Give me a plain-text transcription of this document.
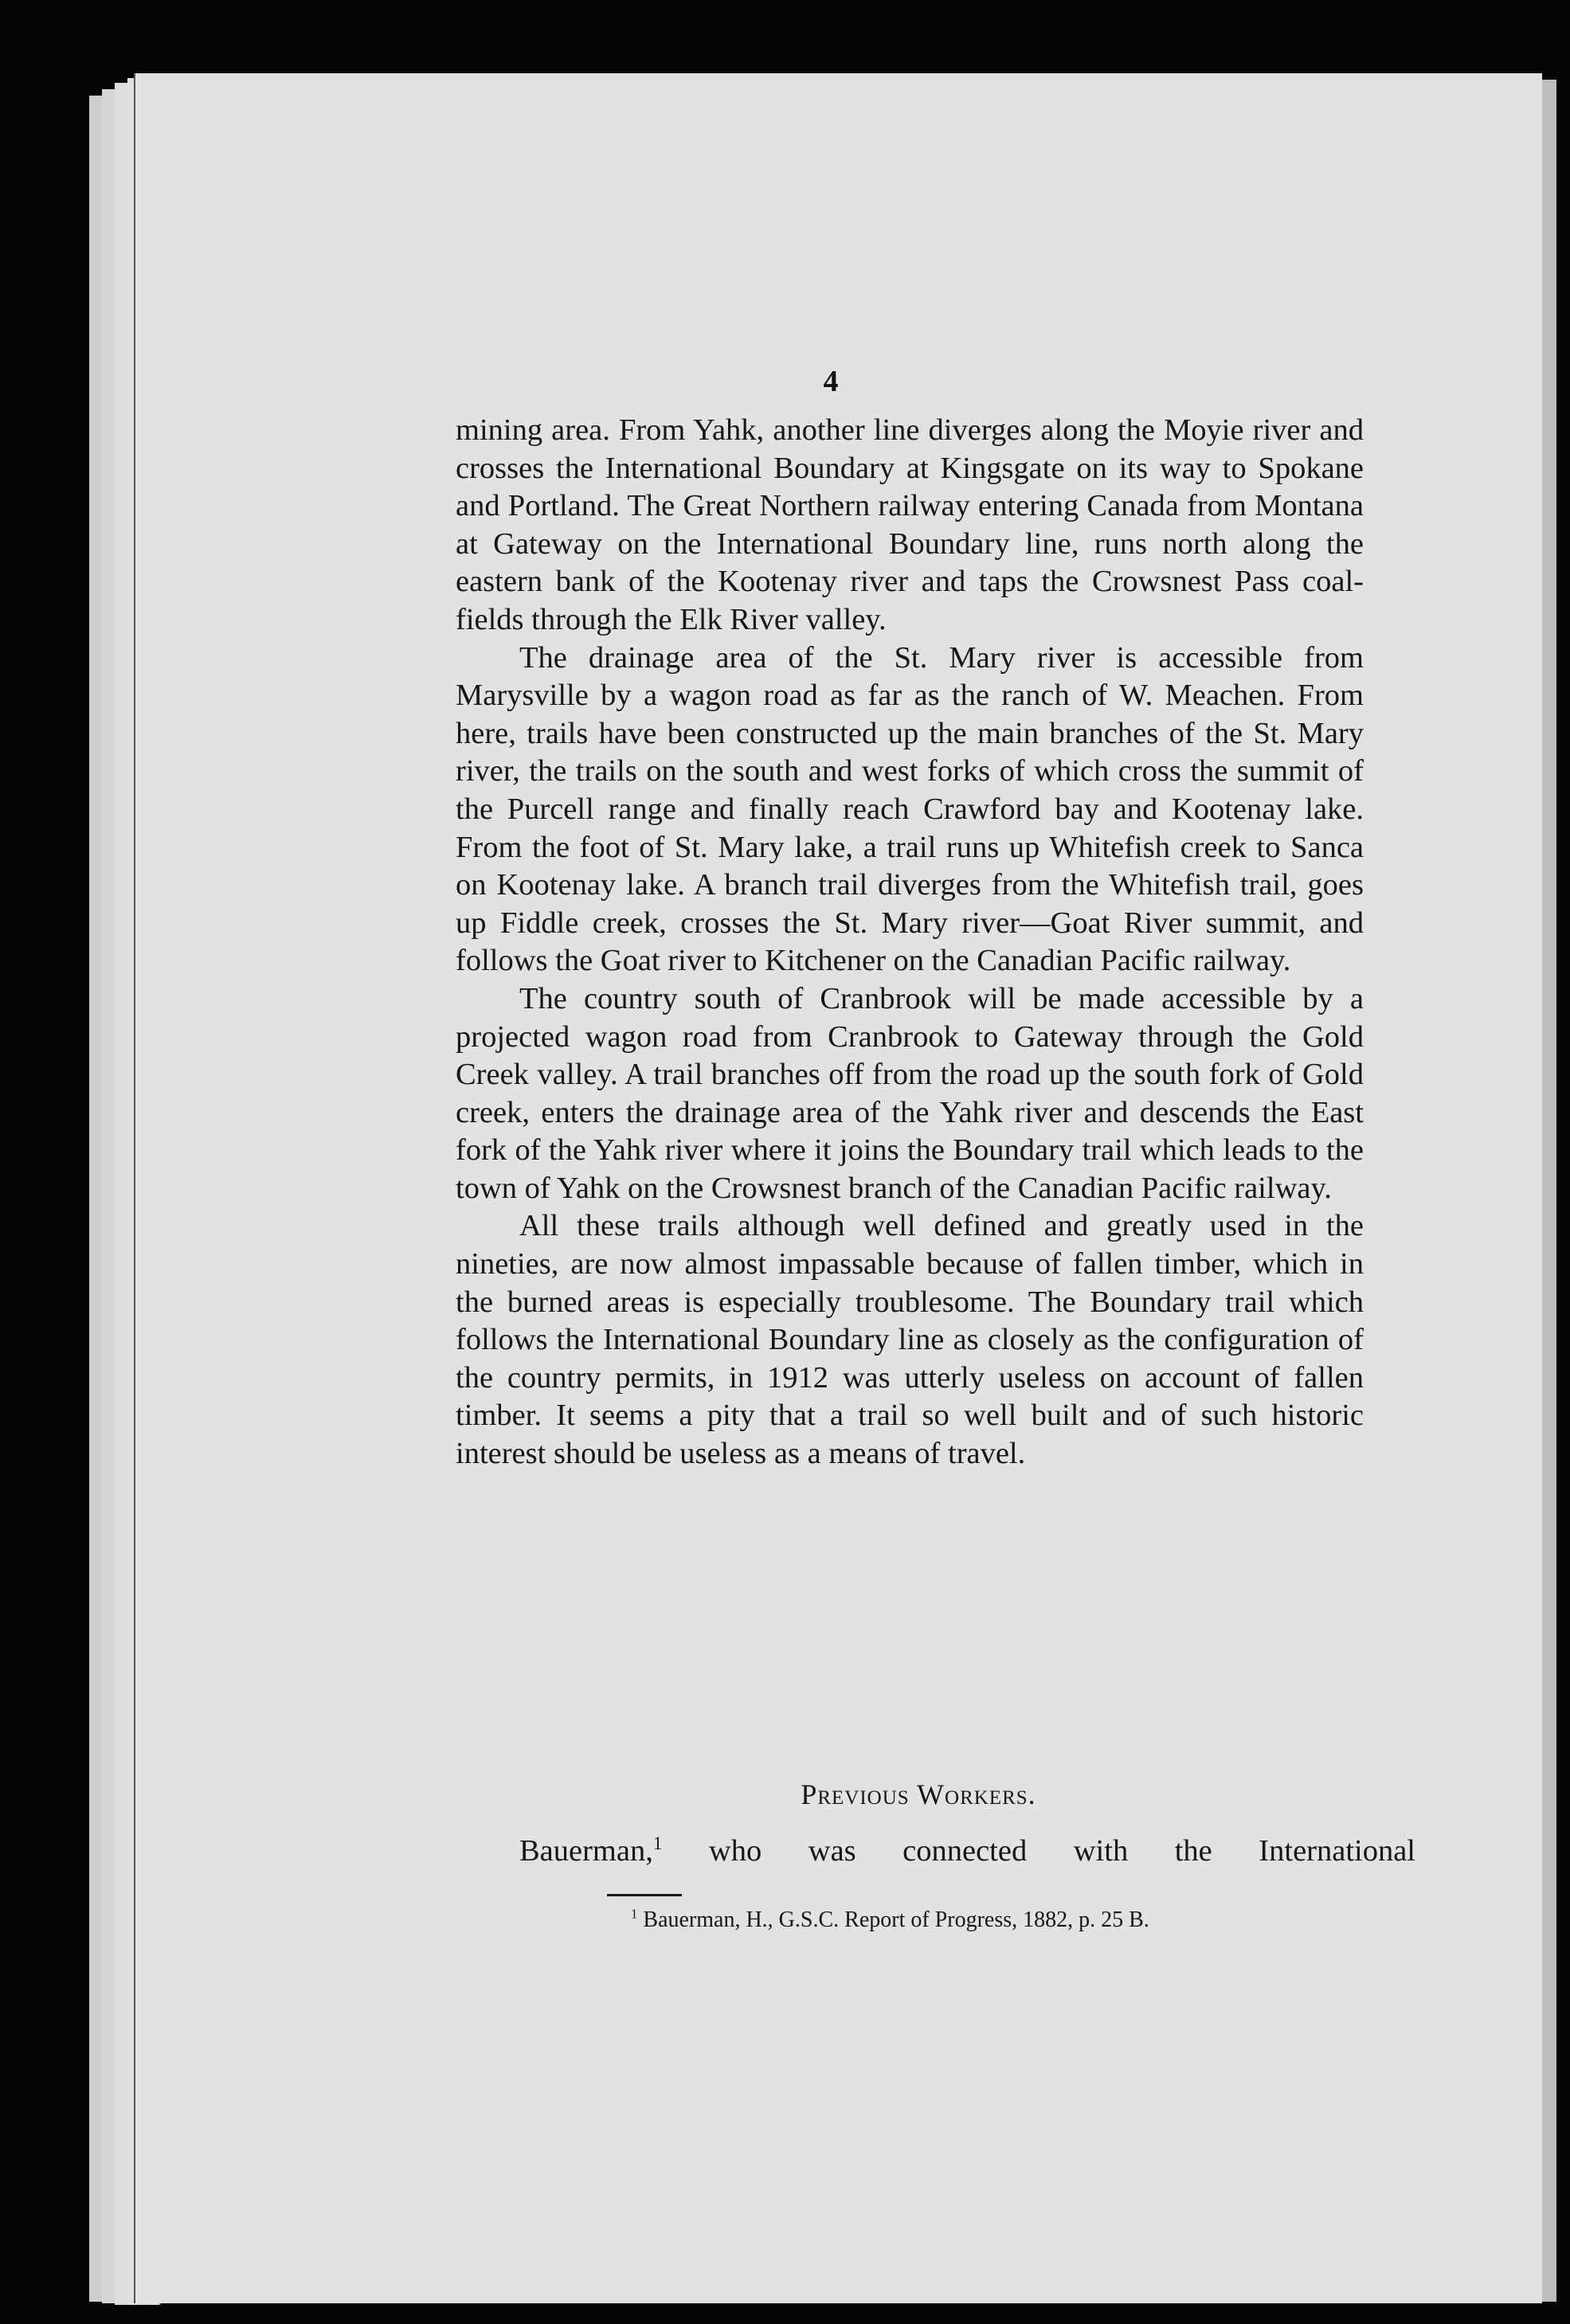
4

mining area. From Yahk, another line diverges along the Moyie river and crosses the International Boundary at Kingsgate on its way to Spokane and Portland. The Great Northern railway entering Canada from Montana at Gateway on the International Boundary line, runs north along the eastern bank of the Kootenay river and taps the Crowsnest Pass coal-fields through the Elk River valley.

The drainage area of the St. Mary river is accessible from Marysville by a wagon road as far as the ranch of W. Meachen. From here, trails have been constructed up the main branches of the St. Mary river, the trails on the south and west forks of which cross the summit of the Purcell range and finally reach Crawford bay and Kootenay lake. From the foot of St. Mary lake, a trail runs up Whitefish creek to Sanca on Kootenay lake. A branch trail diverges from the Whitefish trail, goes up Fiddle creek, crosses the St. Mary river—Goat River summit, and follows the Goat river to Kitchener on the Canadian Pacific railway.

The country south of Cranbrook will be made accessible by a projected wagon road from Cranbrook to Gateway through the Gold Creek valley. A trail branches off from the road up the south fork of Gold creek, enters the drainage area of the Yahk river and descends the East fork of the Yahk river where it joins the Boundary trail which leads to the town of Yahk on the Crowsnest branch of the Canadian Pacific railway.

All these trails although well defined and greatly used in the nineties, are now almost impassable because of fallen timber, which in the burned areas is especially troublesome. The Boundary trail which follows the International Boundary line as closely as the configuration of the country permits, in 1912 was utterly useless on account of fallen timber. It seems a pity that a trail so well built and of such historic interest should be useless as a means of travel.

Previous Workers.
Bauerman,$^1$ who was connected with the International
$^1$ Bauerman, H., G.S.C. Report of Progress, 1882, p. 25 B.
